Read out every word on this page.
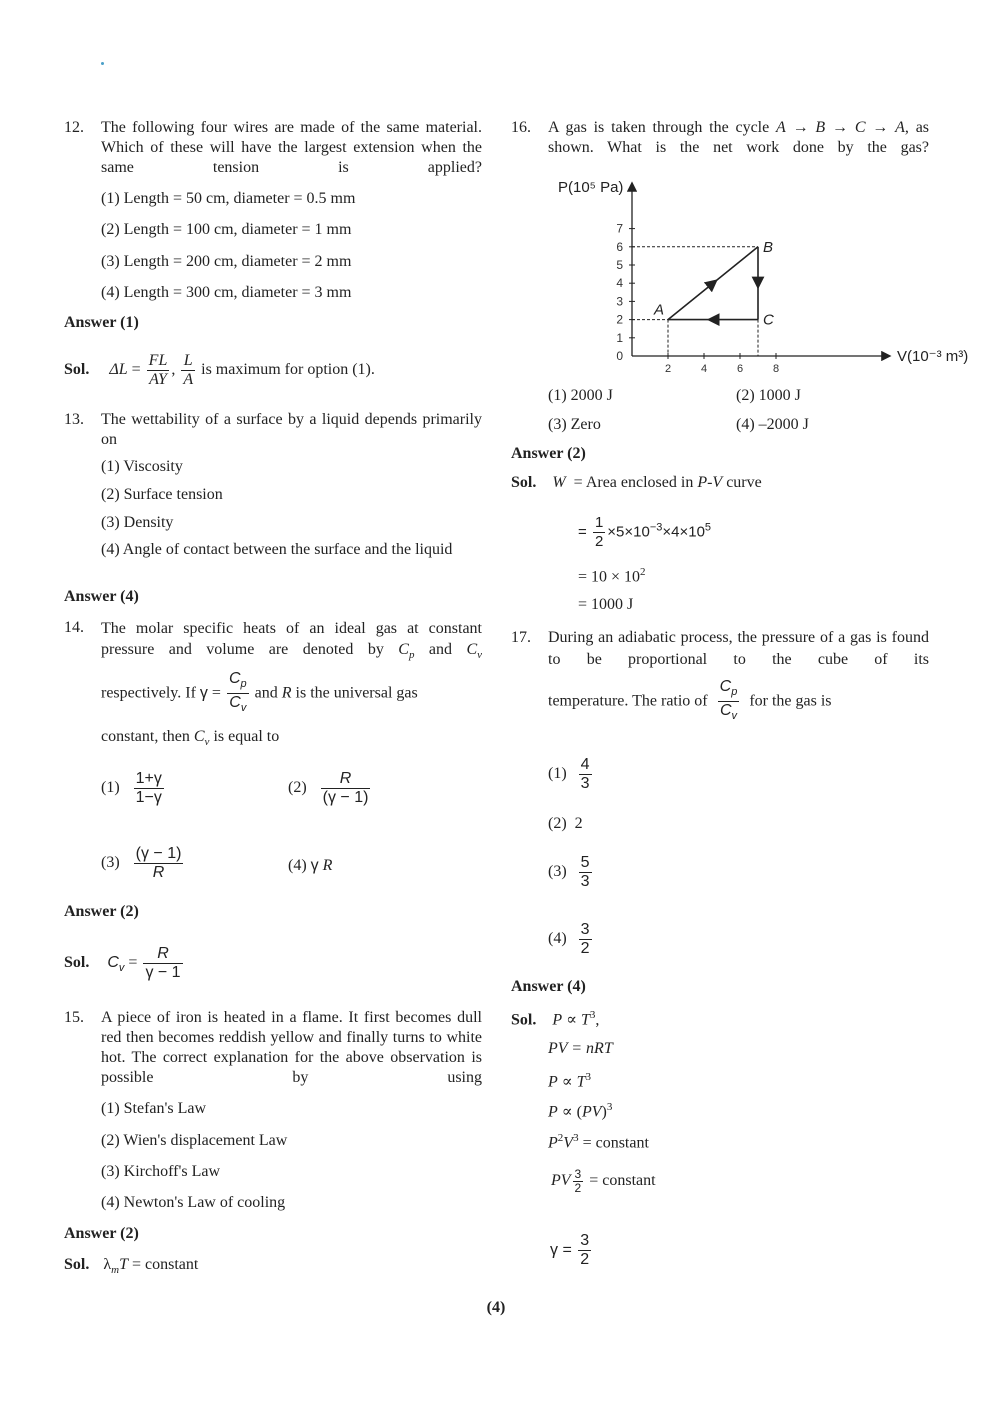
12. The following four wires are made of the same material. Which of these will have the largest extension when the same tension is applied?
(1) Length = 50 cm, diameter = 0.5 mm
(2) Length = 100 cm, diameter = 1 mm
(3) Length = 200 cm, diameter = 2 mm
(4) Length = 300 cm, diameter = 3 mm
Answer (1)
Sol. $\Delta L = \frac{FL}{AY}$ , $\frac{L}{A}$ is maximum for option (1).
13. The wettability of a surface by a liquid depends primarily on
(1) Viscosity
(2) Surface tension
(3) Density
(4) Angle of contact between the surface and the liquid
Answer (4)
14. The molar specific heats of an ideal gas at constant pressure and volume are denoted by $C_p$ and $C_v$
respectively. If $\gamma = \frac{C_p}{C_v}$ and R is the universal gas
constant, then $C_v$ is equal to
$(1) \frac{1+\gamma}{1-\gamma}$	$(2) \frac{R}{(\gamma - 1)}$
$(3) \frac{(\gamma - 1)}{R}$	(4) γ R
Answer (2)
Sol. $C_v = \frac{R}{\gamma - 1}$
15. A piece of iron is heated in a flame. It first becomes dull red then becomes reddish yellow and finally turns to white hot. The correct explanation for the above observation is possible by using
(1) Stefan's Law
(2) Wien's displacement Law
(3) Kirchoff's Law
(4) Newton's Law of cooling
Answer (2)
Sol.  $\lambda_mT$ = constant
16. A gas is taken through the cycle A → B → C → A, as shown. What is the net work done by the gas?
0
1
2
3
4
5
6
7
2	4	6	8
P(10⁵ Pa)
V(10⁻³ m³)
A
B
C
(1) 2000 J	(2) 1000 J
(3) Zero	(4) –2000 J
Answer (2)
Sol. W = Area enclosed in P-V curve
= $\frac{1}{2} \times 5\times 10^{-3}\times 4\times 10^5$
= $10 \times 10^2$
= 1000 J
17. During an adiabatic process, the pressure of a gas is found to be proportional to the cube of its
temperature. The ratio of $\frac{C_p}{C_v}$ for the gas is
$(1) \frac{4}{3}$
(2) 2
$(3) \frac{5}{3}$
$(4) \frac{3}{2}$
Answer (4)
Sol. $P \propto T^3$,
PV = nRT
$P \propto T^3$
P ∝ (PV)$^3$
$P^2V^3$ = constant
PV $\frac{3}{2}$ = constant
$\gamma = \frac{3}{2}$
(4)
